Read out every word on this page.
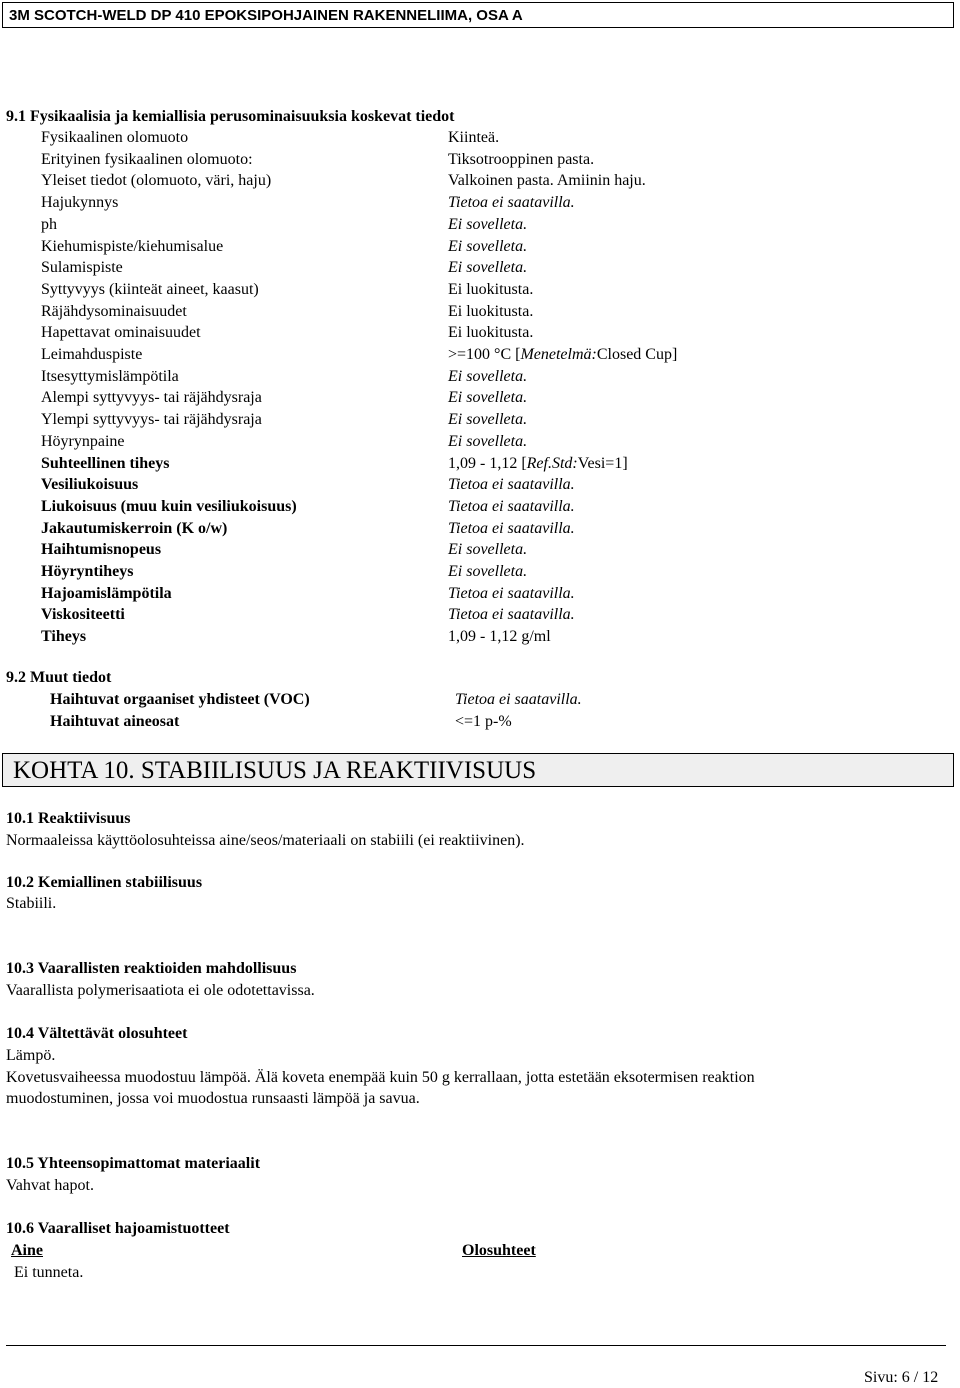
3M SCOTCH-WELD DP 410 EPOKSIPOHJAINEN RAKENNELIIMA, OSA A
9.1 Fysikaalisia ja kemiallisia perusominaisuuksia koskevat tiedot
Fysikaalinen olomuoto	Kiinteä.
Erityinen fysikaalinen olomuoto:	Tiksotrooppinen pasta.
Yleiset tiedot (olomuoto, väri, haju)	Valkoinen pasta. Amiinin haju.
Hajukynnys	Tietoa ei saatavilla.
ph	Ei sovelleta.
Kiehumispiste/kiehumisalue	Ei sovelleta.
Sulamispiste	Ei sovelleta.
Syttyvyys (kiinteät aineet, kaasut)	Ei luokitusta.
Räjähdysominaisuudet	Ei luokitusta.
Hapettavat ominaisuudet	Ei luokitusta.
Leimahduspiste	>=100 °C [Menetelmä:Closed Cup]
Itsesyttymislämpötila	Ei sovelleta.
Alempi syttyvyys- tai räjähdysraja	Ei sovelleta.
Ylempi syttyvyys- tai räjähdysraja	Ei sovelleta.
Höyrynpaine	Ei sovelleta.
Suhteellinen tiheys	1,09 - 1,12 [Ref.Std:Vesi=1]
Vesiliukoisuus	Tietoa ei saatavilla.
Liukoisuus (muu kuin vesiliukoisuus)	Tietoa ei saatavilla.
Jakautumiskerroin (K o/w)	Tietoa ei saatavilla.
Haihtumisnopeus	Ei sovelleta.
Höyryntiheys	Ei sovelleta.
Hajoamislämpötila	Tietoa ei saatavilla.
Viskositeetti	Tietoa ei saatavilla.
Tiheys	1,09 - 1,12 g/ml
9.2 Muut tiedot
Haihtuvat orgaaniset yhdisteet (VOC)	Tietoa ei saatavilla.
Haihtuvat aineosat	<=1 p-%
KOHTA 10. STABIILISUUS JA REAKTIIVISUUS
10.1 Reaktiivisuus
Normaaleissa käyttöolosuhteissa aine/seos/materiaali on stabiili (ei reaktiivinen).
10.2 Kemiallinen stabiilisuus
Stabiili.
10.3 Vaarallisten reaktioiden mahdollisuus
Vaarallista polymerisaatiota ei ole odotettavissa.
10.4 Vältettävät olosuhteet
Lämpö.
Kovetusvaiheessa muodostuu lämpöä. Älä koveta enempää kuin 50 g kerrallaan, jotta estetään eksotermisen reaktion
muodostuminen, jossa voi muodostua runsaasti lämpöä ja savua.
10.5 Yhteensopimattomat materiaalit
Vahvat hapot.
10.6 Vaaralliset hajoamistuotteet
Aine	Olosuhteet
Ei tunneta.
Sivu: 6 / 12
